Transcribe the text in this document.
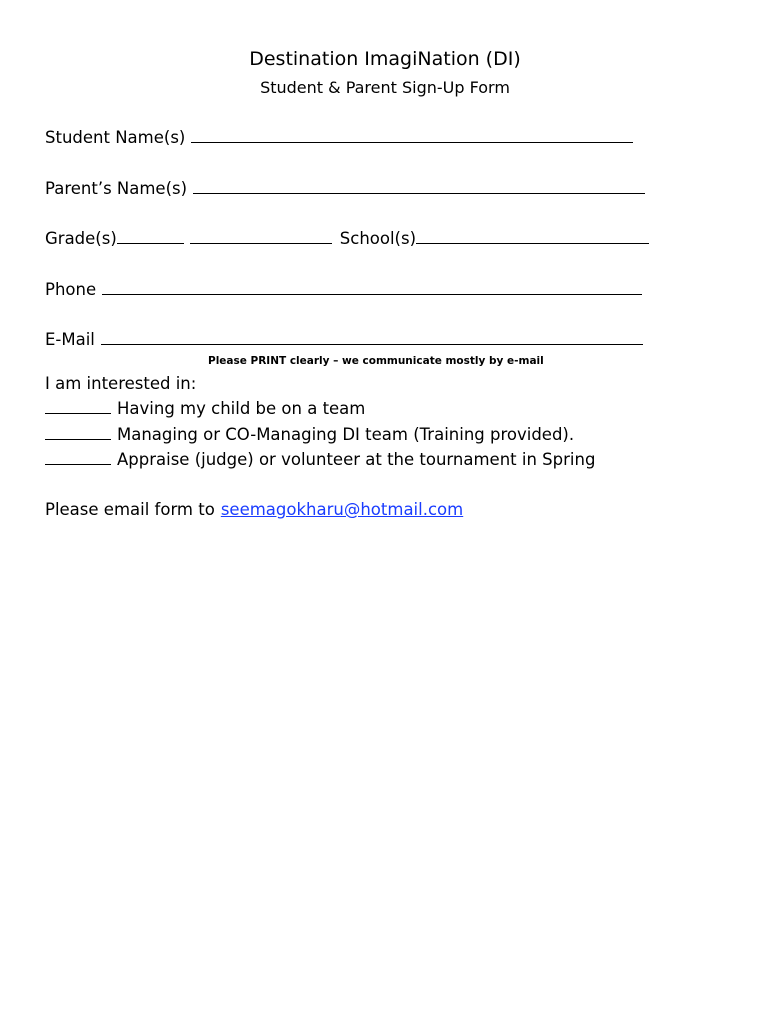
Destination ImagiNation (DI)
Student & Parent Sign-Up Form
Student Name(s)
Parent’s Name(s)
Grade(s)	School(s)
Phone
E-Mail
Please PRINT clearly – we communicate mostly by e-mail
I am interested in:
Having my child be on a team
Managing or CO-Managing DI team (Training provided).
Appraise (judge) or volunteer at the tournament in Spring
Please email form to seemagokharu@hotmail.com
